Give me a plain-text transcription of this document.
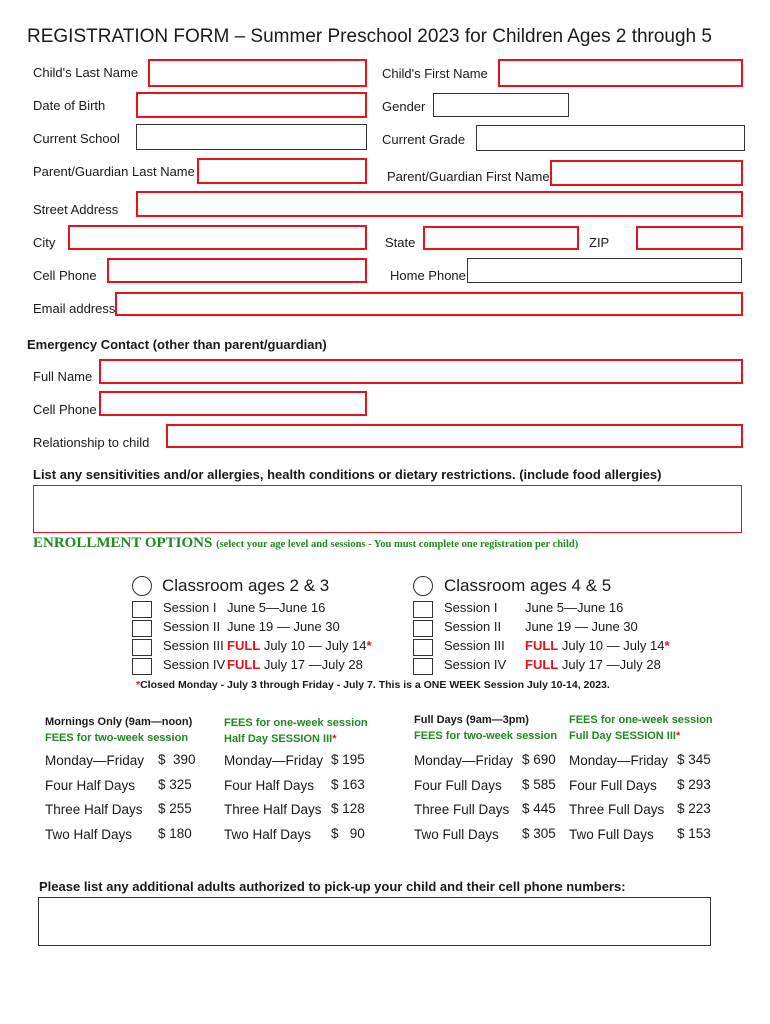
REGISTRATION FORM – Summer Preschool 2023 for Children Ages 2 through 5
Child's Last Name	Child's First Name
Date of Birth	Gender
Current School	Current Grade
Parent/Guardian Last Name	Parent/Guardian First Name
Street Address
City	State	ZIP
Cell Phone	Home Phone
Email address
Emergency Contact (other than parent/guardian)
Full Name
Cell Phone
Relationship to child
List any sensitivities and/or allergies, health conditions or dietary restrictions. (include food allergies)
ENROLLMENT OPTIONS (select your age level and sessions - You must complete one registration per child)
Classroom ages 2 & 3
Session I June 5—June 16
Session II June 19 — June 30
Session III FULL July 10 — July 14*
Session IV FULL July 17 —July 28
Classroom ages 4 & 5
Session I June 5—June 16
Session II June 19 — June 30
Session III FULL July 10 — July 14*
Session IV FULL July 17 —July 28
*Closed Monday - July 3 through Friday - July 7. This is a ONE WEEK Session July 10-14, 2023.
Mornings Only (9am—noon)
FEES for two-week session
Monday—Friday $  390
Four Half Days $ 325
Three Half Days $ 255
Two Half Days $ 180
FEES for one-week session
Half Day SESSION III*
Monday—Friday $ 195
Four Half Days $ 163
Three Half Days $ 128
Two Half Days $   90
Full Days (9am—3pm)
FEES for two-week session
Monday—Friday $ 690
Four Full Days $ 585
Three Full Days $ 445
Two Full Days $ 305
FEES for one-week session
Full Day SESSION III*
Monday—Friday $ 345
Four Full Days $ 293
Three Full Days $ 223
Two Full Days $ 153
Please list any additional adults authorized to pick-up your child and their cell phone numbers:
